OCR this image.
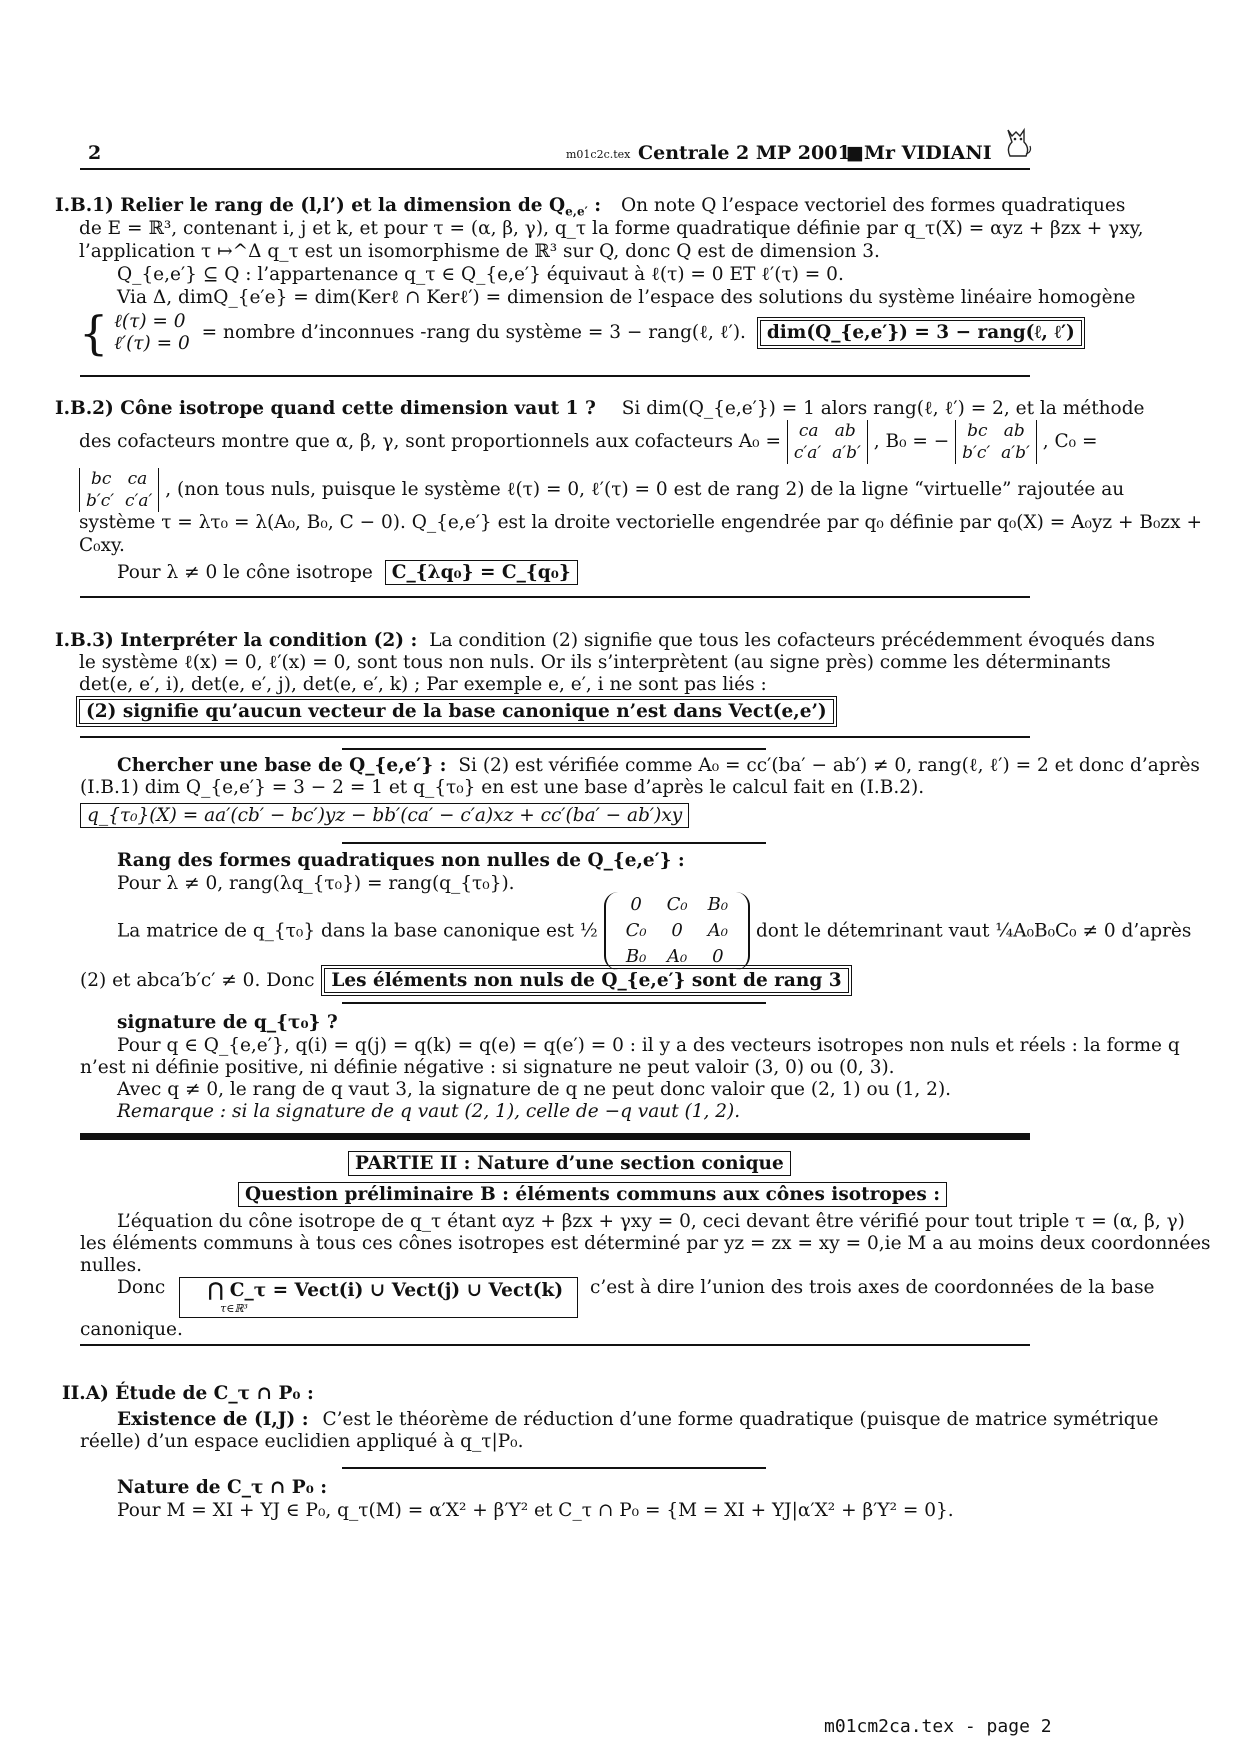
2	m01c2c.tex Centrale 2 MP 2001
■Mr VIDIANI
I.B.1) Relier le rang de (l,l’) et la dimension de $Q_{e,e'}$ : On note Q l’espace vectoriel des formes quadratiques
de E = ℝ³, contenant i, j et k, et pour τ = (α, β, γ), q_τ la forme quadratique définie par q_τ(X) = αyz + βzx + γxy,
l’application τ ↦^Δ q_τ est un isomorphisme de ℝ³ sur Q, donc Q est de dimension 3.
Q_{e,e′} ⊆ Q : l’appartenance q_τ ∈ Q_{e,e′} équivaut à ℓ(τ) = 0 ET ℓ′(τ) = 0.
Via Δ, dimQ_{e′e} = dim(Kerℓ ∩ Kerℓ′) = dimension de l’espace des solutions du système linéaire homogène
{ ℓ(τ) = 0
ℓ′(τ) = 0 = nombre d’inconnues -rang du système = 3 − rang(ℓ, ℓ′). dim(Q_{e,e′}) = 3 − rang(ℓ, ℓ′)
I.B.2) Cône isotrope quand cette dimension vaut 1 ? Si dim(Q_{e,e′}) = 1 alors rang(ℓ, ℓ′) = 2, et la méthode
des cofacteurs montre que α, β, γ, sont proportionnels aux cofacteurs A₀ = ca ab
c′a′ a′b′ , B₀ = − bc ab
b′c′ a′b′ , C₀ =
bc ca
b′c′ c′a′ , (non tous nuls, puisque le système ℓ(τ) = 0, ℓ′(τ) = 0 est de rang 2) de la ligne “virtuelle” rajoutée au
système τ = λτ₀ = λ(A₀, B₀, C − 0). Q_{e,e′} est la droite vectorielle engendrée par q₀ définie par q₀(X) = A₀yz + B₀zx +
C₀xy.
Pour λ ≠ 0 le cône isotrope C_{λq₀} = C_{q₀}
I.B.3) Interpréter la condition (2) : La condition (2) signifie que tous les cofacteurs précédemment évoqués dans
le système ℓ(x) = 0, ℓ′(x) = 0, sont tous non nuls. Or ils s’interprètent (au signe près) comme les déterminants
det(e, e′, i), det(e, e′, j), det(e, e′, k) ; Par exemple e, e′, i ne sont pas liés :
(2) signifie qu’aucun vecteur de la base canonique n’est dans Vect(e,e’)
Chercher une base de Q_{e,e′} : Si (2) est vérifiée comme A₀ = cc′(ba′ − ab′) ≠ 0, rang(ℓ, ℓ′) = 2 et donc d’après
(I.B.1) dim Q_{e,e′} = 3 − 2 = 1 et q_{τ₀} en est une base d’après le calcul fait en (I.B.2).
q_{τ₀}(X) = aa′(cb′ − bc′)yz − bb′(ca′ − c′a)xz + cc′(ba′ − ab′)xy
Rang des formes quadratiques non nulles de Q_{e,e′} :
Pour λ ≠ 0, rang(λq_{τ₀}) = rang(q_{τ₀}).
La matrice de q_{τ₀} dans la base canonique est ½
0	C₀	B₀
C₀	0	A₀
B₀	A₀	0
dont le détemrinant vaut ¼A₀B₀C₀ ≠ 0 d’après
(2) et abca′b′c′ ≠ 0. Donc Les éléments non nuls de Q_{e,e′} sont de rang 3
signature de q_{τ₀} ?
Pour q ∈ Q_{e,e′}, q(i) = q(j) = q(k) = q(e) = q(e′) = 0 : il y a des vecteurs isotropes non nuls et réels : la forme q
n’est ni définie positive, ni définie négative : si signature ne peut valoir (3, 0) ou (0, 3).
Avec q ≠ 0, le rang de q vaut 3, la signature de q ne peut donc valoir que (2, 1) ou (1, 2).
Remarque : si la signature de q vaut (2, 1), celle de −q vaut (1, 2).
PARTIE II : Nature d’une section conique
Question préliminaire B : éléments communs aux cônes isotropes :
L’équation du cône isotrope de q_τ étant αyz + βzx + γxy = 0, ceci devant être vérifié pour tout triple τ = (α, β, γ)
les éléments communs à tous ces cônes isotropes est déterminé par yz = zx = xy = 0,ie M a au moins deux coordonnées
nulles.
Donc ⋂ C_τ = Vect(i) ∪ Vect(j) ∪ Vect(k)
τ∈ℝ³
c’est à dire l’union des trois axes de coordonnées de la base
canonique.
II.A) Étude de C_τ ∩ P₀ :
Existence de (I,J) : C’est le théorème de réduction d’une forme quadratique (puisque de matrice symétrique
réelle) d’un espace euclidien appliqué à q_τ|P₀.
Nature de C_τ ∩ P₀ :
Pour M = XI + YJ ∈ P₀, q_τ(M) = α′X² + β′Y² et C_τ ∩ P₀ = {M = XI + YJ|α′X² + β′Y² = 0}.
m01cm2ca.tex - page 2
